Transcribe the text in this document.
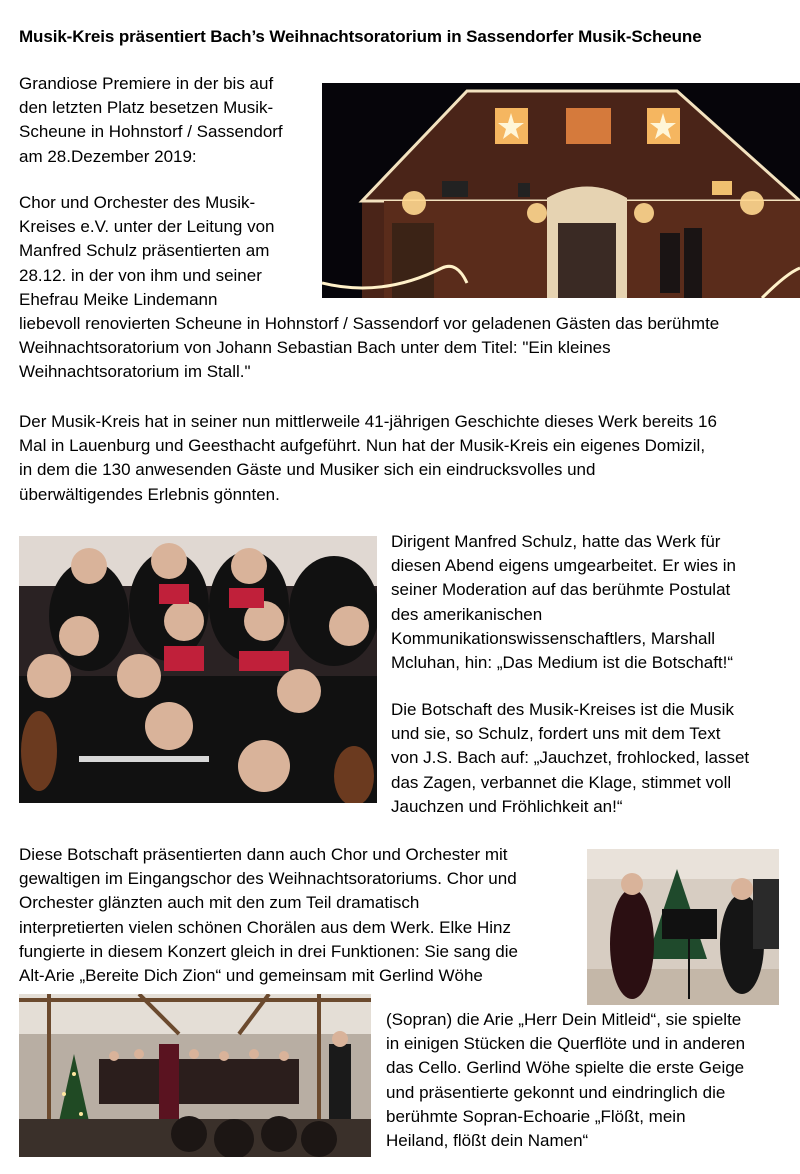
Musik-Kreis präsentiert Bach’s Weihnachtsoratorium in Sassendorfer Musik-Scheune
Grandiose Premiere in der bis auf
den letzten Platz besetzen Musik-
Scheune in Hohnstorf / Sassendorf
am 28.Dezember 2019:
Chor und Orchester des Musik-
Kreises e.V. unter der Leitung von
Manfred Schulz präsentierten am
28.12. in der von ihm und seiner
Ehefrau Meike Lindemann
liebevoll renovierten Scheune in Hohnstorf / Sassendorf vor geladenen Gästen das berühmte
Weihnachtsoratorium von Johann Sebastian Bach unter dem Titel: "Ein kleines
Weihnachtsoratorium im Stall."
Der Musik-Kreis hat in seiner nun mittlerweile 41-jährigen Geschichte dieses Werk bereits 16
Mal in Lauenburg und Geesthacht aufgeführt. Nun hat der Musik-Kreis ein eigenes Domizil,
in dem die 130 anwesenden Gäste und Musiker sich ein eindrucksvolles und
überwältigendes Erlebnis gönnten.
Dirigent Manfred Schulz, hatte das Werk für
diesen Abend eigens umgearbeitet. Er wies in
seiner Moderation auf das berühmte Postulat
des amerikanischen
Kommunikationswissenschaftlers, Marshall
Mcluhan, hin: „Das Medium ist die Botschaft!“
Die Botschaft des Musik-Kreises ist die Musik
und sie, so Schulz, fordert uns mit dem Text
von J.S. Bach auf: „Jauchzet, frohlocked, lasset
das Zagen, verbannet die Klage, stimmet voll
Jauchzen und Fröhlichkeit an!“
Diese Botschaft präsentierten dann auch Chor und Orchester mit
gewaltigen im Eingangschor des Weihnachtsoratoriums. Chor und
Orchester glänzten auch mit den zum Teil dramatisch
interpretierten vielen schönen Chorälen aus dem Werk. Elke Hinz
fungierte in diesem Konzert gleich in drei Funktionen: Sie sang die
Alt-Arie „Bereite Dich Zion“ und gemeinsam mit Gerlind Wöhe
(Sopran) die Arie „Herr Dein Mitleid“, sie spielte
in einigen Stücken die Querflöte und in anderen
das Cello. Gerlind Wöhe spielte die erste Geige
und präsentierte gekonnt und eindringlich die
berühmte Sopran-Echoarie „Flößt, mein
Heiland, flößt dein Namen“
